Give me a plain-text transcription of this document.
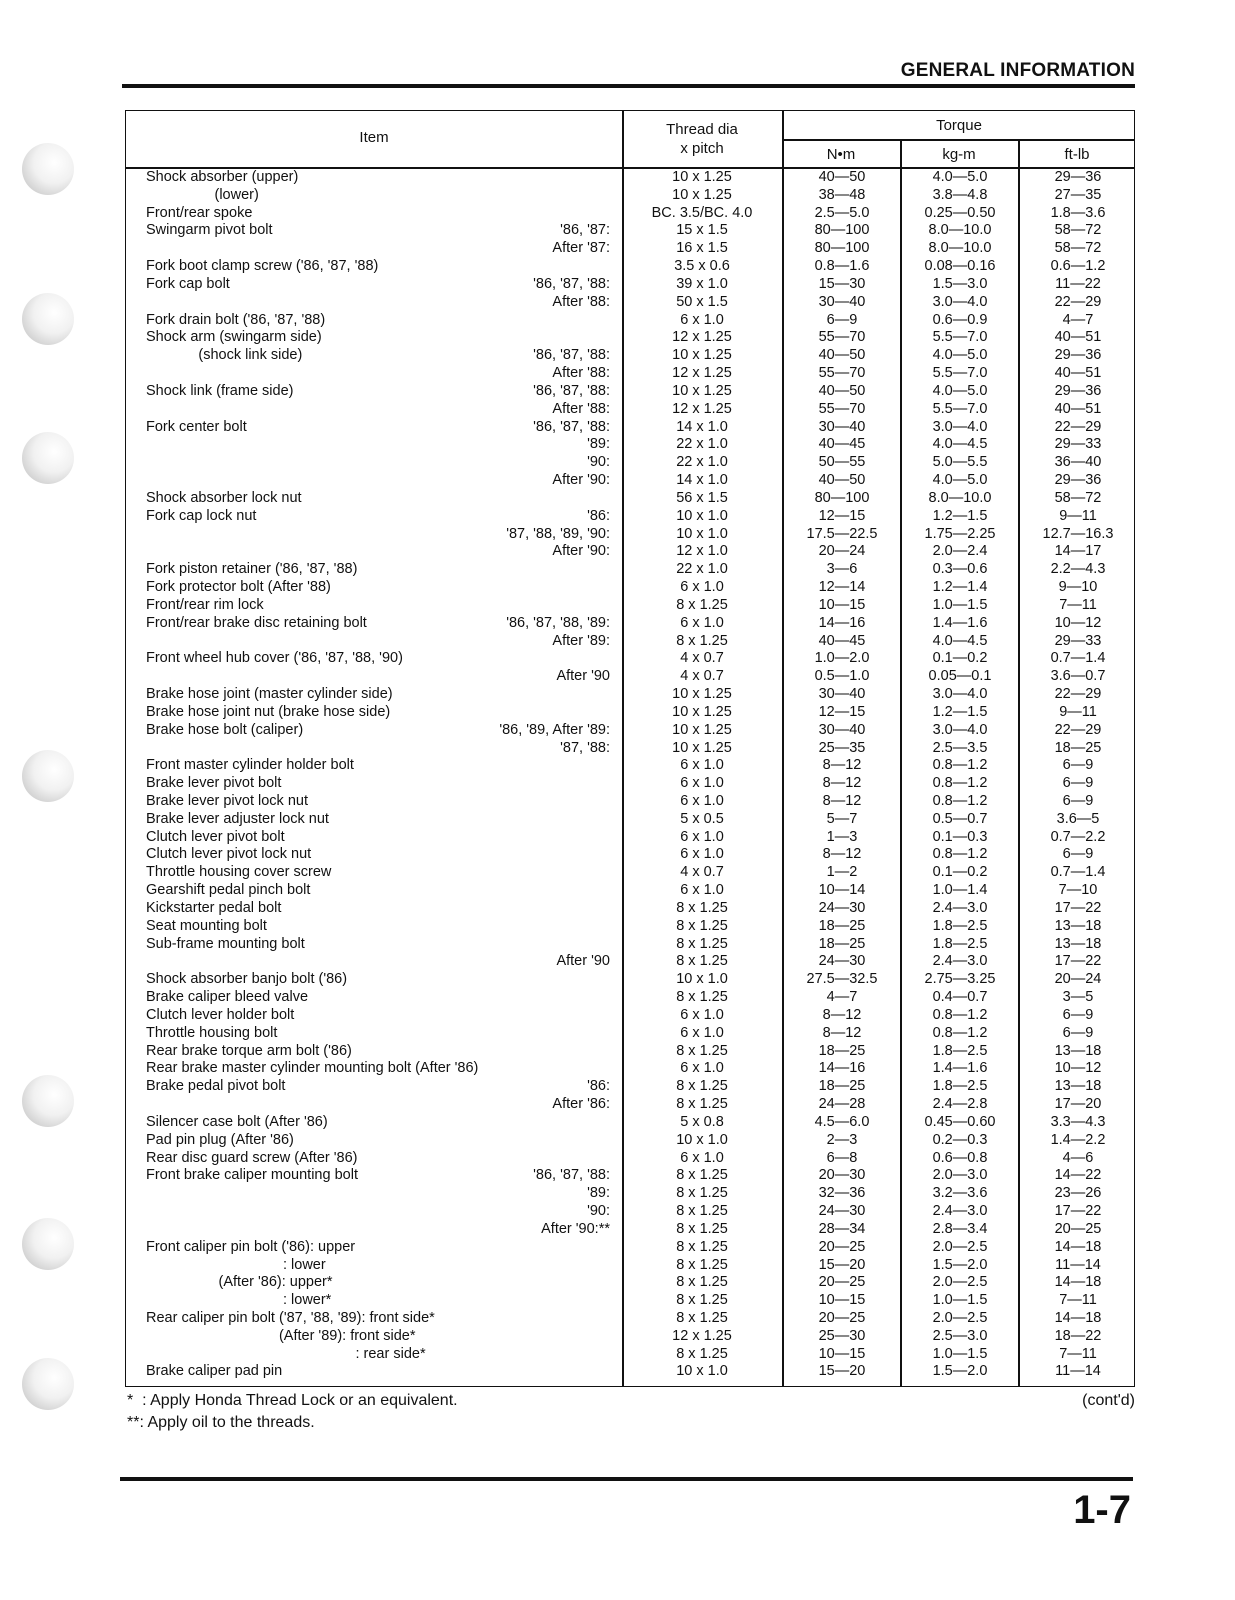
GENERAL INFORMATION
Item	Thread dia
x pitch
Torque
N•m	kg-m	ft-lb
Shock absorber (upper)	10 x 1.25	40—50	4.0—5.0	29—36
(lower)	10 x 1.25	38—48	3.8—4.8	27—35
Front/rear spoke	BC. 3.5/BC. 4.0	2.5—5.0	0.25—0.50	1.8—3.6
Swingarm pivot bolt	'86, '87:	15 x 1.5	80—100	8.0—10.0	58—72
After '87:	16 x 1.5	80—100	8.0—10.0	58—72
Fork boot clamp screw ('86, '87, '88)	3.5 x 0.6	0.8—1.6	0.08—0.16	0.6—1.2
Fork cap bolt	'86, '87, '88:	39 x 1.0	15—30	1.5—3.0	11—22
After '88:	50 x 1.5	30—40	3.0—4.0	22—29
Fork drain bolt ('86, '87, '88)	6 x 1.0	6—9	0.6—0.9	4—7
Shock arm (swingarm side)	12 x 1.25	55—70	5.5—7.0	40—51
(shock link side)	'86, '87, '88:	10 x 1.25	40—50	4.0—5.0	29—36
After '88:	12 x 1.25	55—70	5.5—7.0	40—51
Shock link (frame side)	'86, '87, '88:	10 x 1.25	40—50	4.0—5.0	29—36
After '88:	12 x 1.25	55—70	5.5—7.0	40—51
Fork center bolt	'86, '87, '88:	14 x 1.0	30—40	3.0—4.0	22—29
'89:	22 x 1.0	40—45	4.0—4.5	29—33
'90:	22 x 1.0	50—55	5.0—5.5	36—40
After '90:	14 x 1.0	40—50	4.0—5.0	29—36
Shock absorber lock nut	56 x 1.5	80—100	8.0—10.0	58—72
Fork cap lock nut	'86:	10 x 1.0	12—15	1.2—1.5	9—11
'87, '88, '89, '90:	10 x 1.0	17.5—22.5	1.75—2.25	12.7—16.3
After '90:	12 x 1.0	20—24	2.0—2.4	14—17
Fork piston retainer ('86, '87, '88)	22 x 1.0	3—6	0.3—0.6	2.2—4.3
Fork protector bolt (After '88)	6 x 1.0	12—14	1.2—1.4	9—10
Front/rear rim lock	8 x 1.25	10—15	1.0—1.5	7—11
Front/rear brake disc retaining bolt	'86, '87, '88, '89:	6 x 1.0	14—16	1.4—1.6	10—12
After '89:	8 x 1.25	40—45	4.0—4.5	29—33
Front wheel hub cover ('86, '87, '88, '90)	4 x 0.7	1.0—2.0	0.1—0.2	0.7—1.4
After '90	4 x 0.7	0.5—1.0	0.05—0.1	3.6—0.7
Brake hose joint (master cylinder side)	10 x 1.25	30—40	3.0—4.0	22—29
Brake hose joint nut (brake hose side)	10 x 1.25	12—15	1.2—1.5	9—11
Brake hose bolt (caliper)	'86, '89, After '89:	10 x 1.25	30—40	3.0—4.0	22—29
'87, '88:	10 x 1.25	25—35	2.5—3.5	18—25
Front master cylinder holder bolt	6 x 1.0	8—12	0.8—1.2	6—9
Brake lever pivot bolt	6 x 1.0	8—12	0.8—1.2	6—9
Brake lever pivot lock nut	6 x 1.0	8—12	0.8—1.2	6—9
Brake lever adjuster lock nut	5 x 0.5	5—7	0.5—0.7	3.6—5
Clutch lever pivot bolt	6 x 1.0	1—3	0.1—0.3	0.7—2.2
Clutch lever pivot lock nut	6 x 1.0	8—12	0.8—1.2	6—9
Throttle housing cover screw	4 x 0.7	1—2	0.1—0.2	0.7—1.4
Gearshift pedal pinch bolt	6 x 1.0	10—14	1.0—1.4	7—10
Kickstarter pedal bolt	8 x 1.25	24—30	2.4—3.0	17—22
Seat mounting bolt	8 x 1.25	18—25	1.8—2.5	13—18
Sub-frame mounting bolt	8 x 1.25	18—25	1.8—2.5	13—18
After '90	8 x 1.25	24—30	2.4—3.0	17—22
Shock absorber banjo bolt ('86)	10 x 1.0	27.5—32.5	2.75—3.25	20—24
Brake caliper bleed valve	8 x 1.25	4—7	0.4—0.7	3—5
Clutch lever holder bolt	6 x 1.0	8—12	0.8—1.2	6—9
Throttle housing bolt	6 x 1.0	8—12	0.8—1.2	6—9
Rear brake torque arm bolt ('86)	8 x 1.25	18—25	1.8—2.5	13—18
Rear brake master cylinder mounting bolt (After '86)	6 x 1.0	14—16	1.4—1.6	10—12
Brake pedal pivot bolt	'86:	8 x 1.25	18—25	1.8—2.5	13—18
After '86:	8 x 1.25	24—28	2.4—2.8	17—20
Silencer case bolt (After '86)	5 x 0.8	4.5—6.0	0.45—0.60	3.3—4.3
Pad pin plug (After '86)	10 x 1.0	2—3	0.2—0.3	1.4—2.2
Rear disc guard screw (After '86)	6 x 1.0	6—8	0.6—0.8	4—6
Front brake caliper mounting bolt	'86, '87, '88:	8 x 1.25	20—30	2.0—3.0	14—22
'89:	8 x 1.25	32—36	3.2—3.6	23—26
'90:	8 x 1.25	24—30	2.4—3.0	17—22
After '90:**	8 x 1.25	28—34	2.8—3.4	20—25
Front caliper pin bolt ('86): upper	8 x 1.25	20—25	2.0—2.5	14—18
: lower	8 x 1.25	15—20	1.5—2.0	11—14
(After '86): upper*	8 x 1.25	20—25	2.0—2.5	14—18
: lower*	8 x 1.25	10—15	1.0—1.5	7—11
Rear caliper pin bolt ('87, '88, '89): front side*	8 x 1.25	20—25	2.0—2.5	14—18
(After '89): front side*	12 x 1.25	25—30	2.5—3.0	18—22
: rear side*	8 x 1.25	10—15	1.0—1.5	7—11
Brake caliper pad pin	10 x 1.0	15—20	1.5—2.0	11—14
*  : Apply Honda Thread Lock or an equivalent.
**: Apply oil to the threads.
(cont'd)
1-7
